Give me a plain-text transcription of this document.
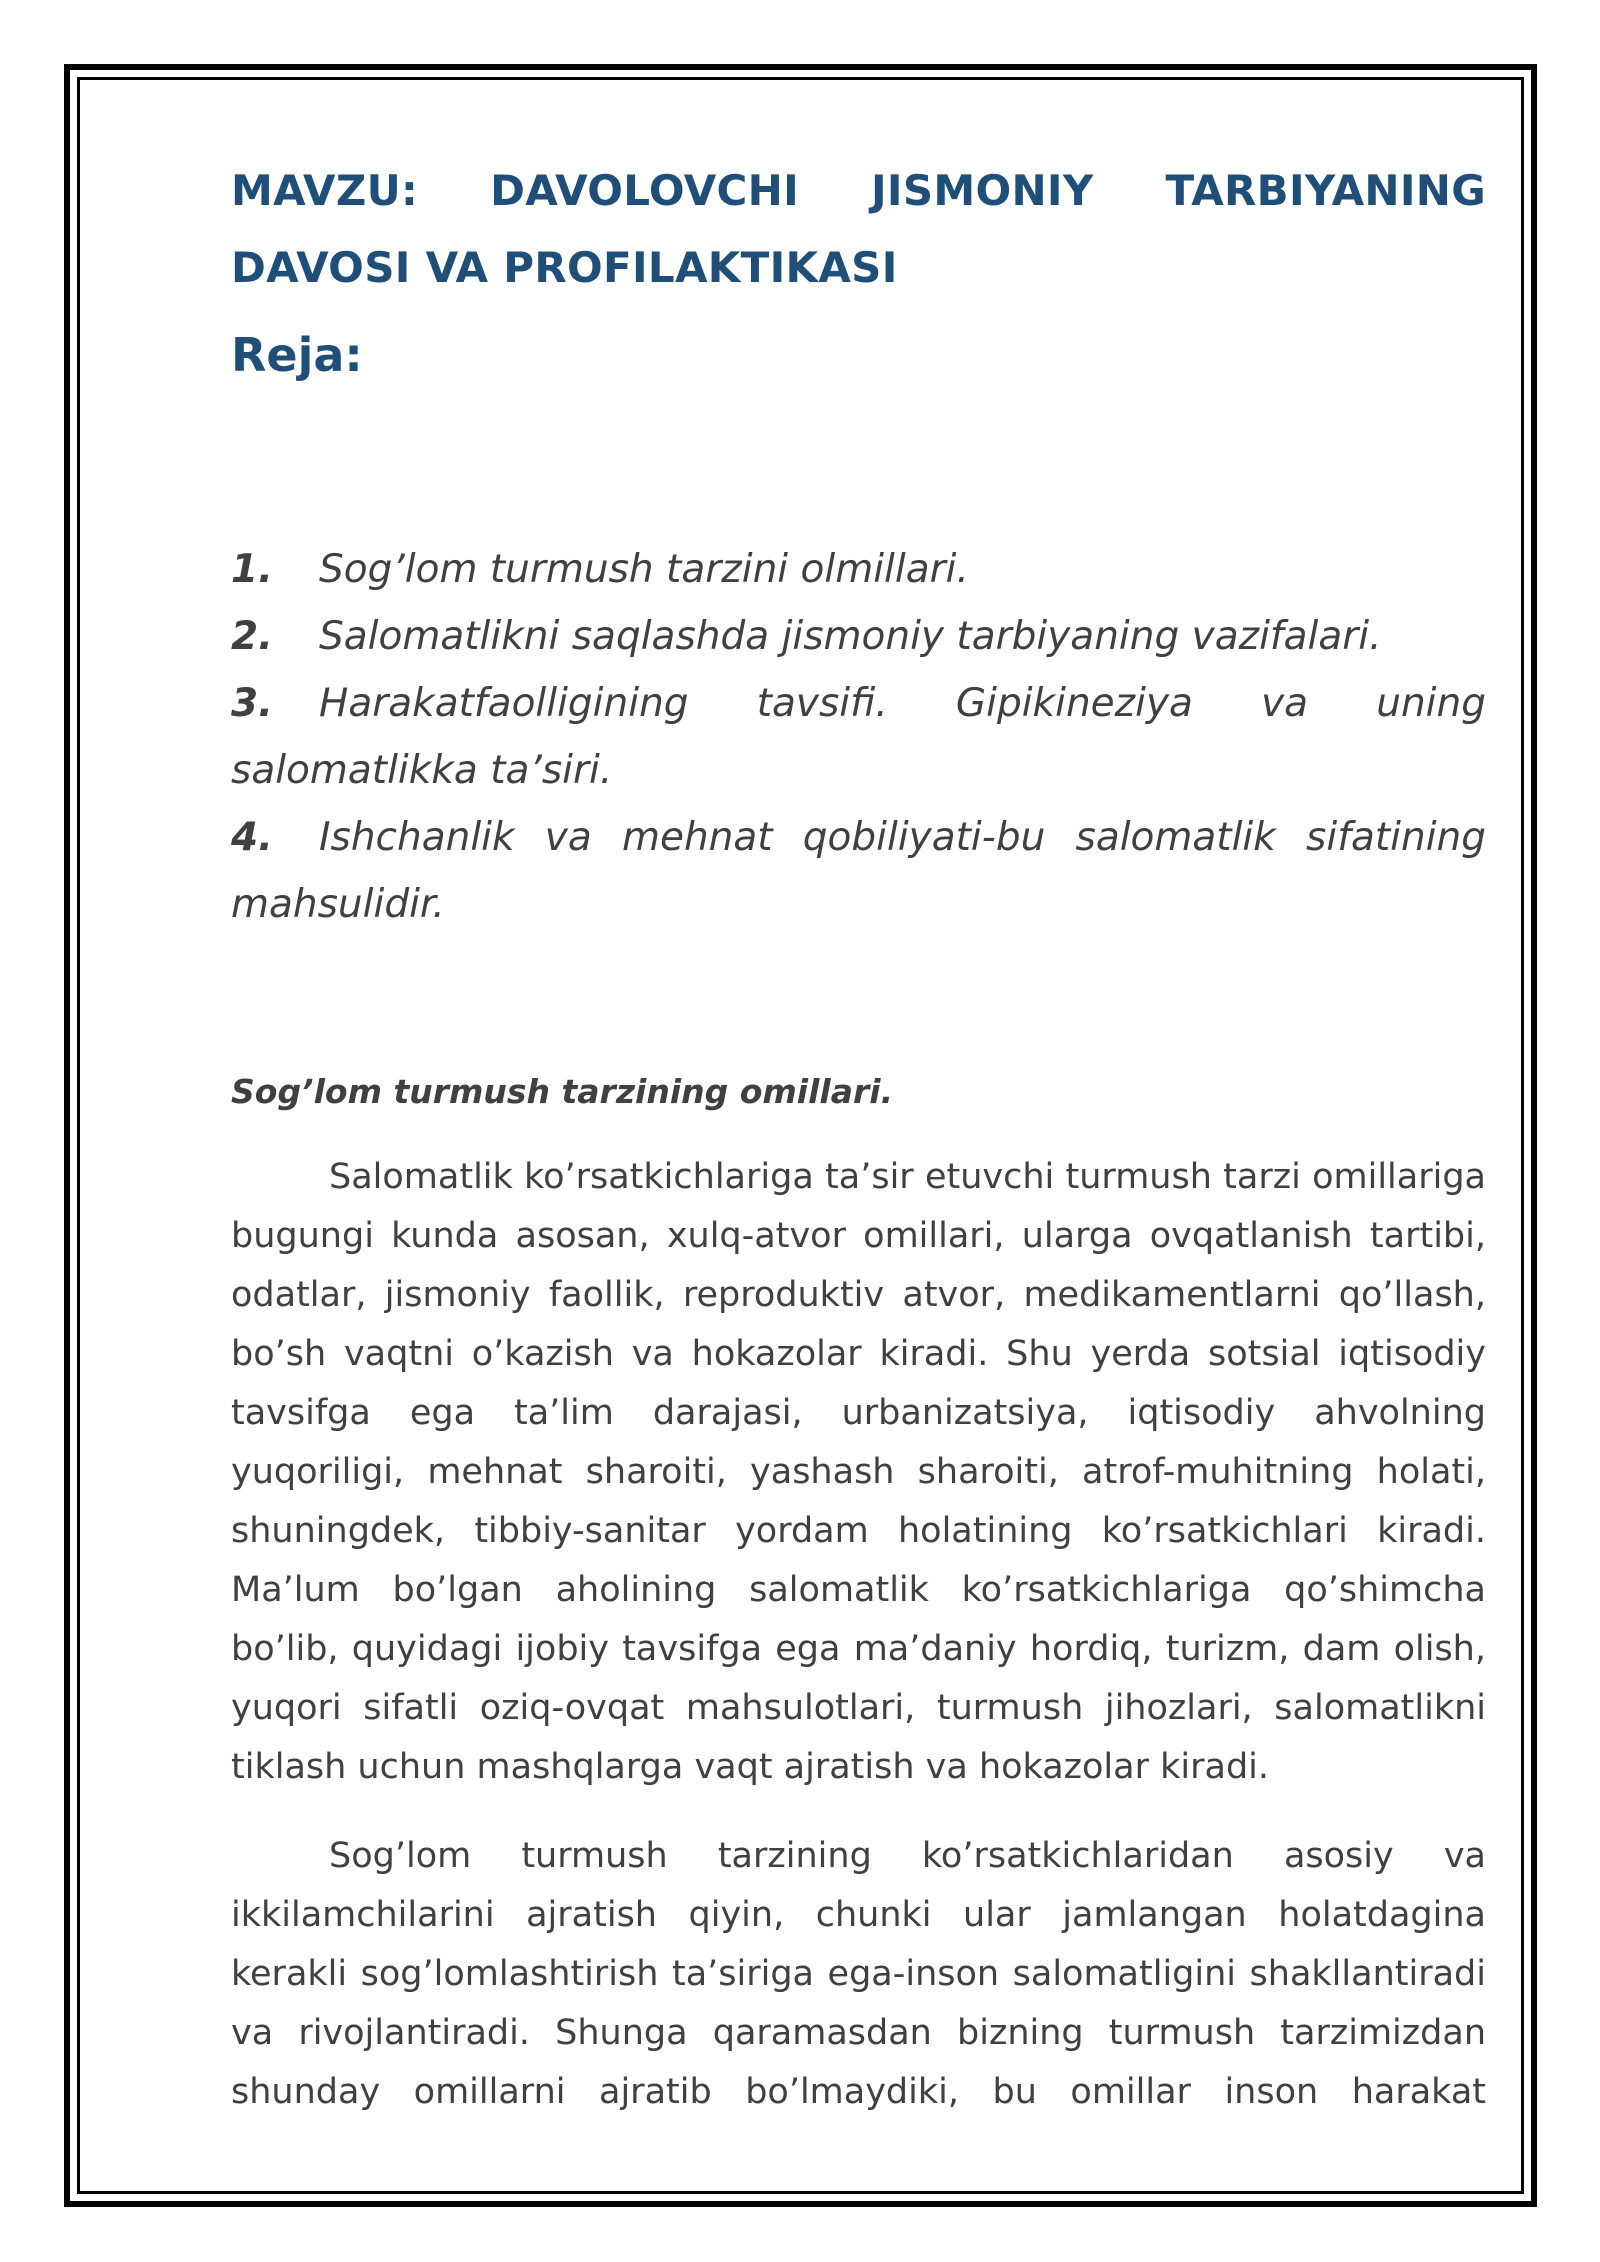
MAVZU: DAVOLOVCHI JISMONIY TARBIYANING DAVOSI VA PROFILAKTIKASI
Reja:
1. Sog’lom turmush tarzini olmillari.
2. Salomatlikni saqlashda jismoniy tarbiyaning vazifalari.
3. Harakatfaolligining tavsifi. Gipikineziya va uning salomatlikka ta’siri.
4. Ishchanlik va mehnat qobiliyati-bu salomatlik sifatining mahsulidir.
Sog’lom turmush tarzining omillari.

Salomatlik ko’rsatkichlariga ta’sir etuvchi turmush tarzi omillariga bugungi kunda asosan, xulq-atvor omillari, ularga ovqatlanish tartibi, odatlar, jismoniy faollik, reproduktiv atvor, medikamentlarni qo’llash, bo’sh vaqtni o’kazish va hokazolar kiradi. Shu yerda sotsial iqtisodiy tavsifga ega ta’lim darajasi, urbanizatsiya, iqtisodiy ahvolning yuqoriligi, mehnat sharoiti, yashash sharoiti, atrof-muhitning holati, shuningdek, tibbiy-sanitar yordam holatining ko’rsatkichlari kiradi. Ma’lum bo’lgan aholining salomatlik ko’rsatkichlariga qo’shimcha bo’lib, quyidagi ijobiy tavsifga ega ma’daniy hordiq, turizm, dam olish, yuqori sifatli oziq-ovqat mahsulotlari, turmush jihozlari, salomatlikni tiklash uchun mashqlarga vaqt ajratish va hokazolar kiradi.

Sog’lom turmush tarzining ko’rsatkichlaridan asosiy va ikkilamchilarini ajratish qiyin, chunki ular jamlangan holatdagina kerakli sog’lomlashtirish ta’siriga ega-inson salomatligini shakllantiradi va rivojlantiradi. Shunga qaramasdan bizning turmush tarzimizdan shunday omillarni ajratib bo’lmaydiki, bu omillar inson harakat
